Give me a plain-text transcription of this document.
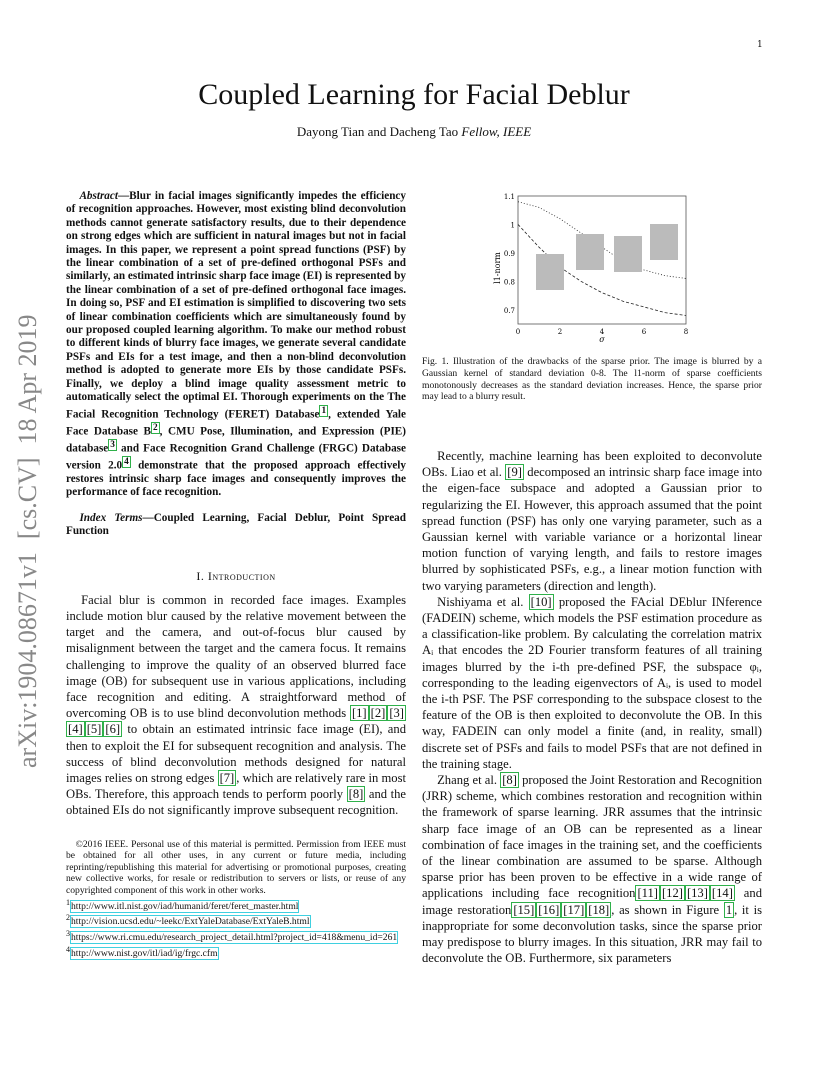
1
Coupled Learning for Facial Deblur
Dayong Tian and Dacheng Tao Fellow, IEEE
arXiv:1904.08671v1  [cs.CV]  18 Apr 2019

Abstract—Blur in facial images significantly impedes the efficiency of recognition approaches. However, most existing blind deconvolution methods cannot generate satisfactory results, due to their dependence on strong edges which are sufficient in natural images but not in facial images. In this paper, we represent a point spread functions (PSF) by the linear combination of a set of pre-defined orthogonal PSFs and similarly, an estimated intrinsic sharp face image (EI) is represented by the linear combination of a set of pre-defined orthogonal face images. In doing so, PSF and EI estimation is simplified to discovering two sets of linear combination coefficients which are simultaneously found by our proposed coupled learning algorithm. To make our method robust to different kinds of blurry face images, we generate several candidate PSFs and EIs for a test image, and then a non-blind deconvolution method is adopted to generate more EIs by those candidate PSFs. Finally, we deploy a blind image quality assessment metric to automatically select the optimal EI. Thorough experiments on the The Facial Recognition Technology (FERET) Database $^1$ , extended Yale Face Database B $^2$ , CMU Pose, Illumination, and Expression (PIE) database $^3$ and Face Recognition Grand Challenge (FRGC) Database version 2.0 $^4$ demonstrate that the proposed approach effectively restores intrinsic sharp face images and consequently improves the performance of face recognition.

Index Terms—Coupled Learning, Facial Deblur, Point Spread Function

I. Introduction

Facial blur is common in recorded face images. Examples include motion blur caused by the relative movement between the target and the camera, and out-of-focus blur caused by misalignment between the target and the camera focus. It remains challenging to improve the quality of an observed blurred face image (OB) for subsequent use in various applications, including face recognition and editing. A straightforward method of overcoming OB is to use blind deconvolution methods [1] [2] [3][4] [5] [6] to obtain an estimated intrinsic face image (EI), and then to exploit the EI for subsequent recognition and analysis. The success of blind deconvolution methods designed for natural images relies on strong edges [7] , which are relatively rare in most OBs. Therefore, this approach tends to perform poorly [8] and the obtained EIs do not significantly improve subsequent recognition.

©2016 IEEE. Personal use of this material is permitted. Permission from IEEE must be obtained for all other uses, in any current or future media, including reprinting/republishing this material for advertising or promotional purposes, creating new collective works, for resale or redistribution to servers or lists, or reuse of any copyrighted component of this work in other works.

$^1$http://www.itl.nist.gov/iad/humanid/feret/feret_master.html

$^2$http://vision.ucsd.edu/~leekc/ExtYaleDatabase/ExtYaleB.html

$^3$https://www.ri.cmu.edu/research_project_detail.html?project_id=418&menu_id=261

$^4$http://www.nist.gov/itl/iad/ig/frgc.cfm

0.7
0.8
0.9
1
1.1
0	2	4	6	8
l1-norm
σ

Fig. 1. Illustration of the drawbacks of the sparse prior. The image is blurred by a Gaussian kernel of standard deviation 0-8. The l1-norm of sparse coefficients monotonously decreases as the standard deviation increases. Hence, the sparse prior may lead to a blurry result.

Recently, machine learning has been exploited to deconvolute OBs. Liao et al. [9] decomposed an intrinsic sharp face image into the eigen-face subspace and adopted a Gaussian prior to regularizing the EI. However, this approach assumed that the point spread function (PSF) has only one varying parameter, such as a Gaussian kernel with variable variance or a horizontal linear motion function of varying length, and fails to restore images blurred by sophisticated PSFs, e.g., a linear motion function with two varying parameters (direction and length).

Nishiyama et al. [10] proposed the FAcial DEblur INference (FADEIN) scheme, which models the PSF estimation procedure as a classification-like problem. By calculating the correlation matrix Aᵢ that encodes the 2D Fourier transform features of all training images blurred by the i-th pre-defined PSF, the subspace φᵢ, corresponding to the leading eigenvectors of Aᵢ, is used to model the i-th PSF. The PSF corresponding to the subspace closest to the feature of the OB is then exploited to deconvolute the OB. In this way, FADEIN can only model a finite (and, in reality, small) discrete set of PSFs and fails to model PSFs that are not defined in the training stage.

Zhang et al. [8] proposed the Joint Restoration and Recognition (JRR) scheme, which combines restoration and recognition within the framework of sparse learning. JRR assumes that the intrinsic sharp face image of an OB can be represented as a linear combination of face images in the training set, and the coefficients of the linear combination are assumed to be sparse. Although sparse prior has been proven to be effective in a wide range of applications including face recognition [11] [12] [13] [14] and image restoration [15] [16] [17] [18] , as shown in Figure 1 , it is inappropriate for some deconvolution tasks, since the sparse prior may predispose to blurry images. In this situation, JRR may fail to deconvolute the OB. Furthermore, six parameters
